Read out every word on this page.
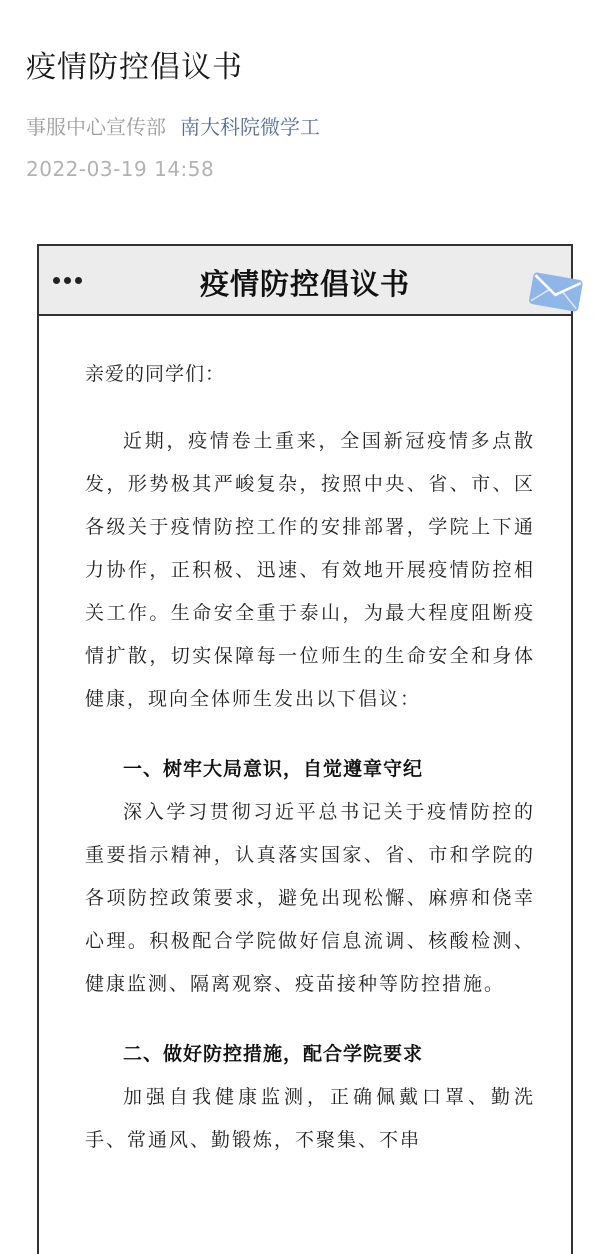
疫情防控倡议书
事服中心宣传部 南大科院微学工
2022-03-19 14:58
疫情防控倡议书

亲爱的同学们：

近期，疫情卷土重来，全国新冠疫情多点散发，形势极其严峻复杂，按照中央、省、市、区各级关于疫情防控工作的安排部署，学院上下通力协作，正积极、迅速、有效地开展疫情防控相关工作。生命安全重于泰山，为最大程度阻断疫情扩散，切实保障每一位师生的生命安全和身体健康，现向全体师生发出以下倡议：

一、树牢大局意识，自觉遵章守纪

深入学习贯彻习近平总书记关于疫情防控的重要指示精神，认真落实国家、省、市和学院的各项防控政策要求，避免出现松懈、麻痹和侥幸心理。积极配合学院做好信息流调、核酸检测、健康监测、隔离观察、疫苗接种等防控措施。

二、做好防控措施，配合学院要求

加强自我健康监测，正确佩戴口罩、勤洗手、常通风、勤锻炼，不聚集、不串
